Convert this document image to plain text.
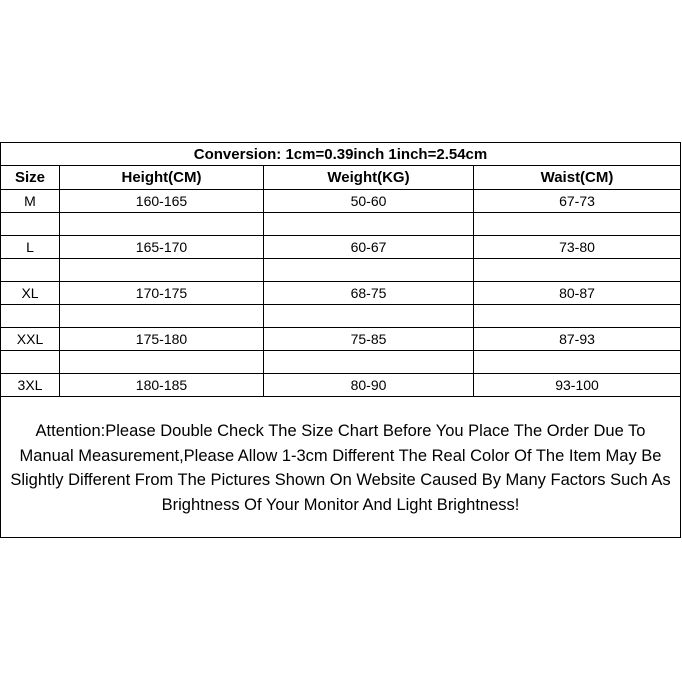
Conversion: 1cm=0.39inch 1inch=2.54cm
Size	Height(CM)	Weight(KG)	Waist(CM)
M	160-165	50-60	67-73
L	165-170	60-67	73-80
XL	170-175	68-75	80-87
XXL	175-180	75-85	87-93
3XL	180-185	80-90	93-100
Attention:Please Double Check The Size Chart Before You Place The Order Due To Manual Measurement,Please Allow 1-3cm Different The Real Color Of The Item May Be Slightly Different From The Pictures Shown On Website Caused By Many Factors Such As Brightness Of Your Monitor And Light Brightness!
